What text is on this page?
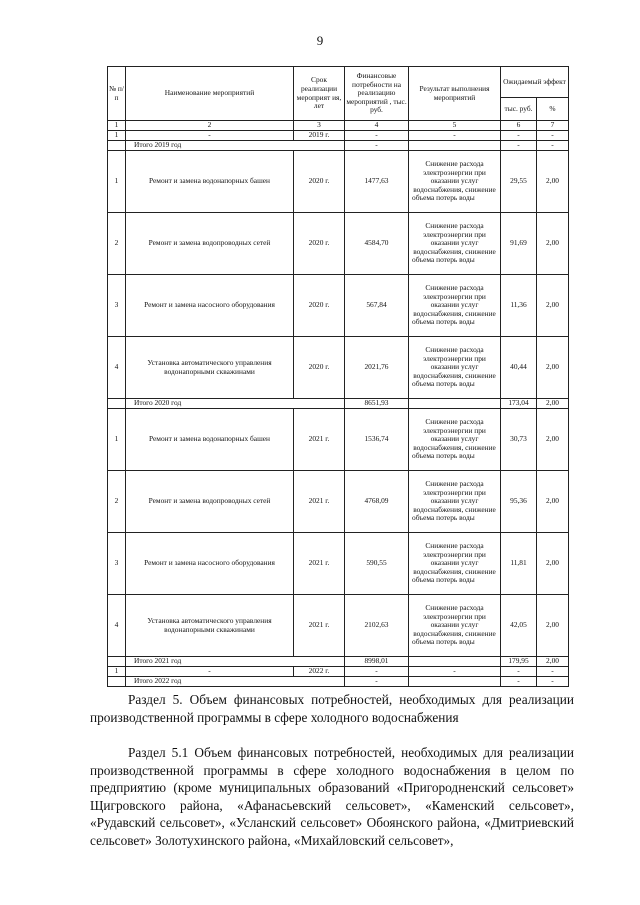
9
№ п/ п	Наименование мероприятий	Срок реализации мероприят ия, лет	Финансовые потребности на реализацию мероприятий , тыс. руб.	Результат выполнения мероприятий	Ожидаемый эффект	
					тыс. руб.	%
1	2	3	4	5	6	7
1	-	2019 г.	-	-	-	-
	Итого 2019 год		-		-	-
1	Ремонт и замена водонапорных башен	2020 г.	1477,63	Снижение расхода электроэнергии при оказании услуг водоснабжения, снижение объема потерь воды	29,55	2,00
2	Ремонт и замена водопроводных сетей	2020 г.	4584,70	Снижение расхода электроэнергии при оказании услуг водоснабжения, снижение объема потерь воды	91,69	2,00
3	Ремонт и замена насосного оборудования	2020 г.	567,84	Снижение расхода электроэнергии при оказании услуг водоснабжения, снижение объема потерь воды	11,36	2,00
4	Установка автоматического управления водонапорными скважинами	2020 г.	2021,76	Снижение расхода электроэнергии при оказании услуг водоснабжения, снижение объема потерь воды	40,44	2,00
	Итого 2020 год		8651,93		173,04	2,00
1	Ремонт и замена водонапорных башен	2021 г.	1536,74	Снижение расхода электроэнергии при оказании услуг водоснабжения, снижение объема потерь воды	30,73	2,00
2	Ремонт и замена водопроводных сетей	2021 г.	4768,09	Снижение расхода электроэнергии при оказании услуг водоснабжения, снижение объема потерь воды	95,36	2,00
3	Ремонт и замена насосного оборудования	2021 г.	590,55	Снижение расхода электроэнергии при оказании услуг водоснабжения, снижение объема потерь воды	11,81	2,00
4	Установка автоматического управления водонапорными скважинами	2021 г.	2102,63	Снижение расхода электроэнергии при оказании услуг водоснабжения, снижение объема потерь воды	42,05	2,00
	Итого 2021 год		8998,01		179,95	2,00
1	-	2022 г.	-	-	-	-
	Итого 2022 год		-		-	-
Раздел 5. Объем финансовых потребностей, необходимых для реализации производственной программы в сфере холодного водоснабжения
Раздел 5.1 Объем финансовых потребностей, необходимых для реализации производственной программы в сфере холодного водоснабжения в целом по предприятию (кроме муниципальных образований «Пригородненский сельсовет» Щигровского района, «Афанасьевский сельсовет», «Каменский сельсовет», «Рудавский сельсовет», «Усланский сельсовет» Обоянского района, «Дмитриевский сельсовет» Золотухинского района, «Михайловский сельсовет»,
